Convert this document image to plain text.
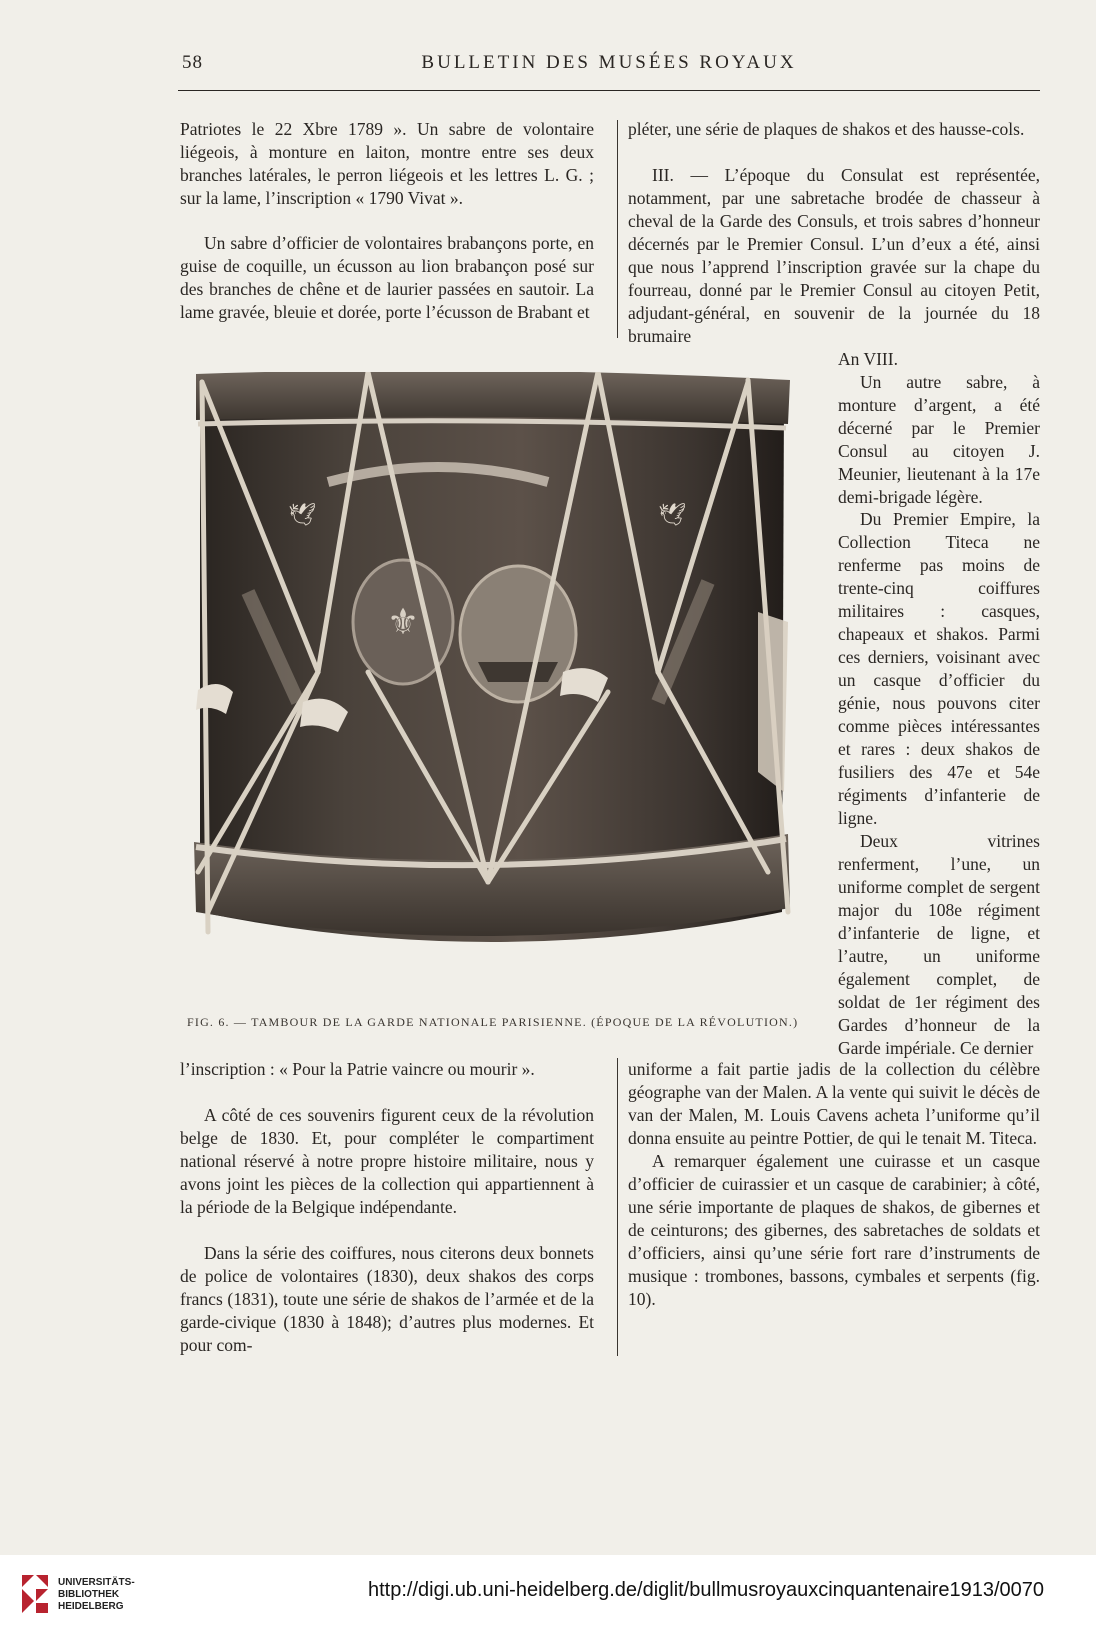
58	BULLETIN DES MUSÉES ROYAUX

Patriotes le 22 Xbre 1789 ». Un sabre de volontaire liégeois, à monture en laiton, montre entre ses deux branches latérales, le perron liégeois et les lettres L. G. ; sur la lame, l’inscription « 1790 Vivat ».

Un sabre d’officier de volontaires brabançons porte, en guise de coquille, un écusson au lion brabançon posé sur des branches de chêne et de laurier passées en sautoir. La lame gravée, bleuie et dorée, porte l’écusson de Brabant et

pléter, une série de plaques de shakos et des hausse-cols.

III. — L’époque du Consulat est représentée, notamment, par une sabretache brodée de chasseur à cheval de la Garde des Consuls, et trois sabres d’honneur décernés par le Premier Consul. L’un d’eux a été, ainsi que nous l’apprend l’inscription gravée sur la chape du fourreau, donné par le Premier Consul au citoyen Petit, adjudant-général, en souvenir de la journée du 18 brumaire

An VIII.

Un autre sabre, à monture d’argent, a été décerné par le Premier Consul au citoyen J. Meunier, lieutenant à la 17e demi-brigade légère.

Du Premier Empire, la Collection Titeca ne renferme pas moins de trente-cinq coiffures militaires : casques, chapeaux et shakos. Parmi ces derniers, voisinant avec un casque d’officier du génie, nous pouvons citer comme pièces intéressantes et rares : deux shakos de fusiliers des 47e et 54e régiments d’infanterie de ligne.

Deux vitrines renferment, l’une, un uniforme complet de sergent major du 108e régiment d’infanterie de ligne, et l’autre, un uniforme également complet, de soldat de 1er régiment des Gardes d’honneur de la Garde impériale. Ce dernier

⚜
🕊	🕊
FIG. 6. — TAMBOUR DE LA GARDE NATIONALE PARISIENNE. (ÉPOQUE DE LA RÉVOLUTION.)

l’inscription : « Pour la Patrie vaincre ou mourir ».

A côté de ces souvenirs figurent ceux de la révolution belge de 1830. Et, pour compléter le compartiment national réservé à notre propre histoire militaire, nous y avons joint les pièces de la collection qui appartiennent à la période de la Belgique indépendante.

Dans la série des coiffures, nous citerons deux bonnets de police de volontaires (1830), deux shakos des corps francs (1831), toute une série de shakos de l’armée et de la garde-civique (1830 à 1848); d’autres plus modernes. Et pour com-

uniforme a fait partie jadis de la collection du célèbre géographe van der Malen. A la vente qui suivit le décès de van der Malen, M. Louis Cavens acheta l’uniforme qu’il donna ensuite au peintre Pottier, de qui le tenait M. Titeca.

A remarquer également une cuirasse et un casque d’officier de cuirassier et un casque de carabinier; à côté, une série importante de plaques de shakos, de gibernes et de ceinturons; des gibernes, des sabretaches de soldats et d’officiers, ainsi qu’une série fort rare d’instruments de musique : trombones, bassons, cymbales et serpents (fig. 10).

UNIVERSITÄTS-
BIBLIOTHEK
HEIDELBERG
http://digi.ub.uni-heidelberg.de/diglit/bullmusroyauxcinquantenaire1913/0070
